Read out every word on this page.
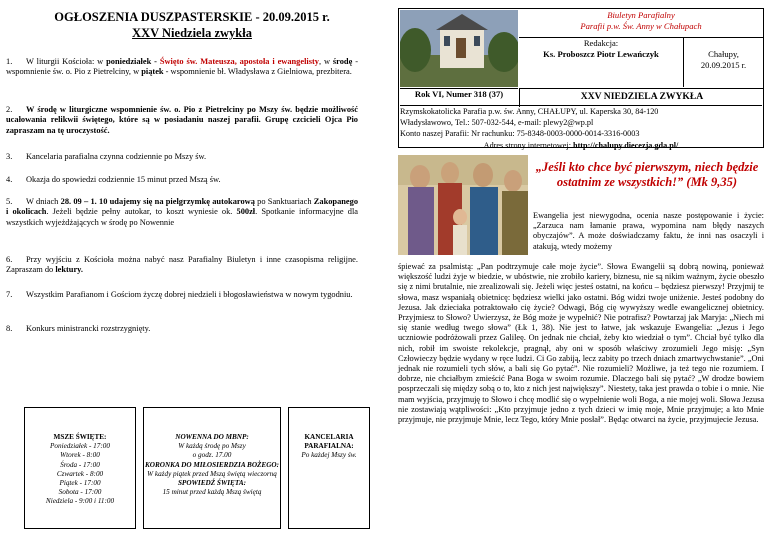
OGŁOSZENIA DUSZPASTERSKIE - 20.09.2015 r.
XXV Niedziela zwykła
1. W liturgii Kościoła: w poniedziałek - Święto św. Mateusza, apostoła i ewangelisty, w środę - wspomnienie św. o. Pio z Pietrelciny, w piątek - wspomnienie bł. Władysława z Gielniowa, prezbitera.
2. W środę w liturgiczne wspomnienie św. o. Pio z Pietrelciny po Mszy św. będzie możliwość ucałowania relikwii świętego, które są w posiadaniu naszej parafii. Grupę czcicieli Ojca Pio zapraszam na tę uroczystość.
3. Kancelaria parafialna czynna codziennie po Mszy św.
4. Okazja do spowiedzi codziennie 15 minut przed Mszą św.
5. W dniach 28. 09 – 1. 10 udajemy się na pielgrzymkę autokarową po Sanktuariach Zakopanego i okolicach. Jeżeli będzie pełny autokar, to koszt wyniesie ok. 500zł. Spotkanie informacyjne dla wszystkich wyjeżdżających w środę po Nowennie
6. Przy wyjściu z Kościoła można nabyć nasz Parafialny Biuletyn i inne czasopisma religijne. Zapraszam do lektury.
7. Wszystkim Parafianom i Gościom życzę dobrej niedzieli i błogosławieństwa w nowym tygodniu.
8. Konkurs ministrancki rozstrzygnięty.
MSZE ŚWIĘTE:
Poniedziałek - 17:00
Wtorek - 8:00
Środa - 17:00
Czwartek - 8:00
Piątek - 17:00
Sobota - 17:00
Niedziela - 9:00 i 11:00
NOWENNA DO MBNP:
W każdą środę po Mszy
o godz. 17.00
KORONKA DO MIŁOSIERDZIA BOŻEGO:
W każdy piątek przed Mszą świętą wieczorną
SPOWIEDŹ ŚWIĘTA:
15 minut przed każdą Mszą świętą
KANCELARIA PARAFIALNA:
Po każdej Mszy św.
Biuletyn Parafialny
Parafii p.w. Św. Anny w Chałupach
Redakcja:
Ks. Proboszcz Piotr Lewańczyk	Chałupy,
20.09.2015 r.
Rok VI, Numer 318 (37)	XXV NIEDZIELA ZWYKŁA
Rzymskokatolicka Parafia p.w. św. Anny, CHAŁUPY, ul. Kaperska 30, 84-120
Władysławowo, Tel.: 507-032-544, e-mail: plewy2@wp.pl
Konto naszej Parafii: Nr rachunku: 75-8348-0003-0000-0014-3316-0003
Adres strony internetowej: http://chalupy.diecezja.gda.pl/
„Jeśli kto chce być pierwszym, niech będzie ostatnim ze wszystkich!” (Mk 9,35)
Ewangelia jest niewygodna, ocenia nasze postępowanie i życie: „Zarzuca nam łamanie prawa, wypomina nam błędy naszych obyczajów”. A może doświadczamy faktu, że inni nas osaczyli i atakują, wtedy możemy
śpiewać za psalmistą: „Pan podtrzymuje całe moje życie”. Słowa Ewangelii są dobrą nowiną, ponieważ większość ludzi żyje w biedzie, w ubóstwie, nie zrobiło kariery, biznesu, nie są nikim ważnym, życie obeszło się z nimi brutalnie, nie zrealizowali się. Jeżeli więc jesteś ostatni, na końcu – będziesz pierwszy! Przyjmij te słowa, masz wspaniałą obietnicę: będziesz wielki jako ostatni. Bóg widzi twoje uniżenie. Jesteś podobny do Jezusa. Jak dzieciaka potraktowało cię życie? Odwagi, Bóg cię wywyższy wedle ewangelicznej obietnicy. Przyjmiesz to Słowo? Uwierzysz, że Bóg może je wypełnić? Nie potrafisz? Powtarzaj jak Maryja: „Niech mi się stanie według twego słowa” (Łk 1, 38). Nie jest to łatwe, jak wskazuje Ewangelia: „Jezus i Jego uczniowie podróżowali przez Galileę. On jednak nie chciał, żeby kto wiedział o tym”. Chciał być tylko dla nich, robił im swoiste rekolekcje, pragnął, aby oni w sposób właściwy zrozumieli Jego misję: „Syn Człowieczy będzie wydany w ręce ludzi. Ci Go zabiją, lecz zabity po trzech dniach zmartwychwstanie”. „Oni jednak nie rozumieli tych słów, a bali się Go pytać”. Nie rozumieli? Możliwe, ja też tego nie rozumiem. I dobrze, nie chciałbym zmieścić Pana Boga w swoim rozumie. Dlaczego bali się pytać? „W drodze bowiem posprzeczali się między sobą o to, kto z nich jest największy”. Niestety, taka jest prawda o tobie i o mnie. Nie mam wyjścia, przyjmuję to Słowo i chcę modlić się o wypełnienie woli Boga, a nie mojej woli. Słowa Jezusa nie zostawiają wątpliwości: „Kto przyjmuje jedno z tych dzieci w imię moje, Mnie przyjmuje; a kto Mnie przyjmuje, nie przyjmuje Mnie, lecz Tego, który Mnie posłał”. Będąc otwarci na życie, przyjmujecie Jezusa.
